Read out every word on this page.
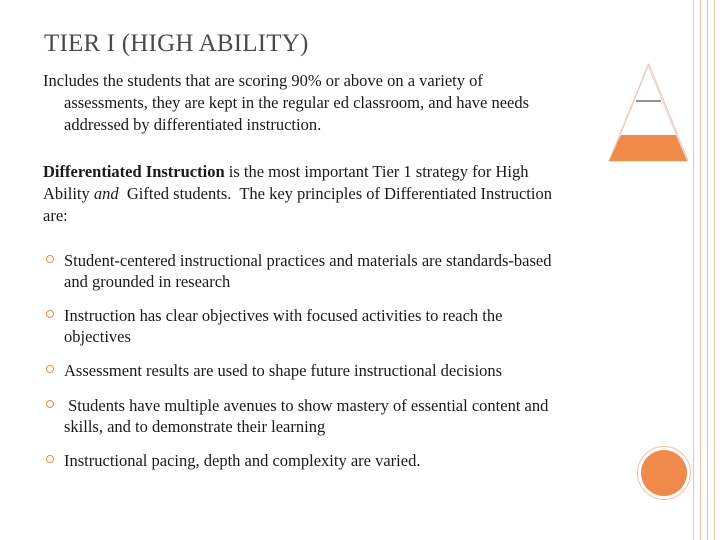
TIER I (HIGH ABILITY)
Includes the students that are scoring 90% or above on a variety of
assessments, they are kept in the regular ed classroom, and have needs
addressed by differentiated instruction.
Differentiated Instruction is the most important Tier 1 strategy for High
Ability and  Gifted students.  The key principles of Differentiated Instruction
are:
Student-centered instructional practices and materials are standards-based
and grounded in research
Instruction has clear objectives with focused activities to reach the
objectives
Assessment results are used to shape future instructional decisions
Students have multiple avenues to show mastery of essential content and
skills, and to demonstrate their learning
Instructional pacing, depth and complexity are varied.
